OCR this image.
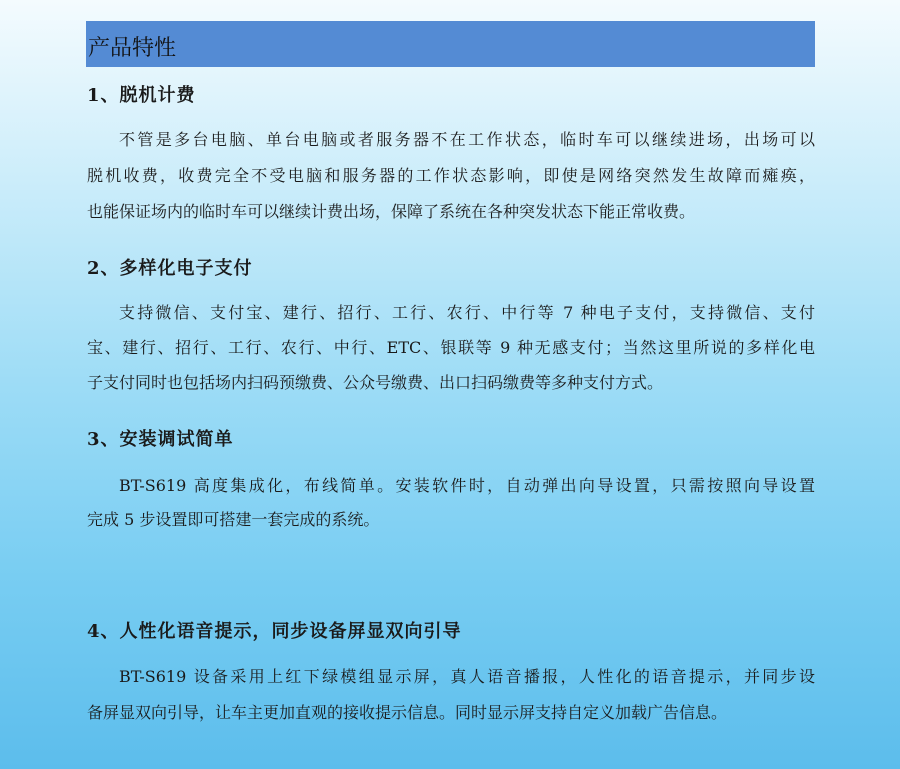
产品特性
1、脱机计费
不管是多台电脑、单台电脑或者服务器不在工作状态，临时车可以继续进场，出场可以
脱机收费，收费完全不受电脑和服务器的工作状态影响，即使是网络突然发生故障而瘫痪，
也能保证场内的临时车可以继续计费出场，保障了系统在各种突发状态下能正常收费。
2、多样化电子支付
支持微信、支付宝、建行、招行、工行、农行、中行等 7 种电子支付，支持微信、支付
宝、建行、招行、工行、农行、中行、ETC、银联等 9 种无感支付；当然这里所说的多样化电
子支付同时也包括场内扫码预缴费、公众号缴费、出口扫码缴费等多种支付方式。
3、安装调试简单
BT-S619 高度集成化，布线简单。安装软件时，自动弹出向导设置，只需按照向导设置
完成 5 步设置即可搭建一套完成的系统。
4、人性化语音提示，同步设备屏显双向引导
BT-S619 设备采用上红下绿模组显示屏，真人语音播报，人性化的语音提示，并同步设
备屏显双向引导，让车主更加直观的接收提示信息。同时显示屏支持自定义加载广告信息。
